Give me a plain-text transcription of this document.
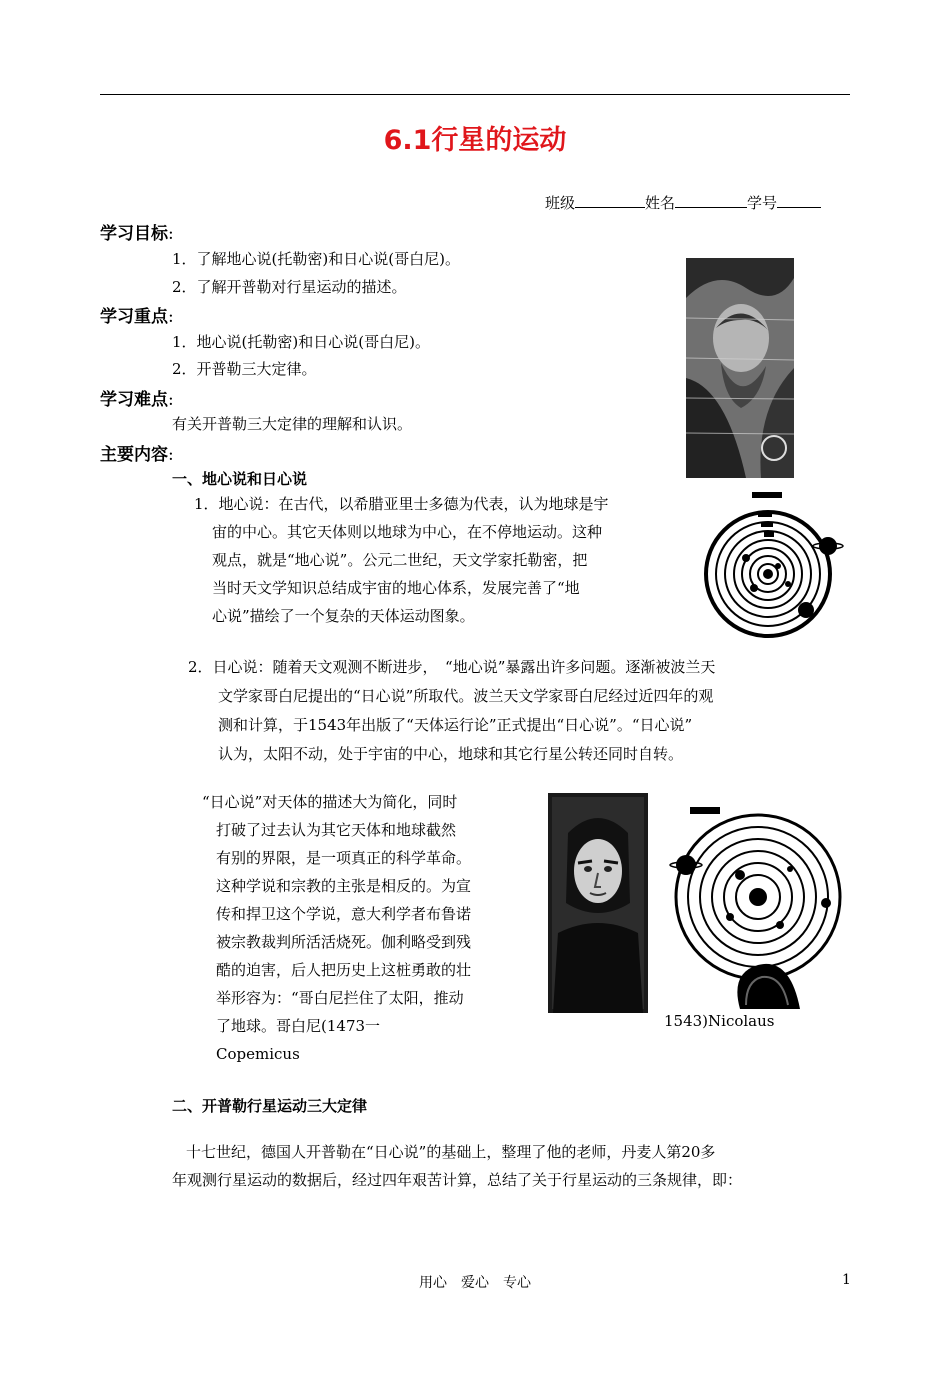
6.1行星的运动
班级	姓名	学号
学习目标:
1．了解地心说(托勒密)和日心说(哥白尼)。
2．了解开普勒对行星运动的描述。
学习重点:
1．地心说(托勒密)和日心说(哥白尼)。
2．开普勒三大定律。
学习难点:
有关开普勒三大定律的理解和认识。
主要内容:
一、地心说和日心说
1．地心说：在古代，以希腊亚里士多德为代表，认为地球是宇
宙的中心。其它天体则以地球为中心，在不停地运动。这种
观点，就是“地心说”。公元二世纪，天文学家托勒密，把
当时天文学知识总结成宇宙的地心体系，发展完善了“地
心说”描绘了一个复杂的天体运动图象。
2．日心说：随着天文观测不断进步，　“地心说”暴露出许多问题。逐渐被波兰天
文学家哥白尼提出的“日心说”所取代。波兰天文学家哥白尼经过近四年的观
测和计算，于1543年出版了“天体运行论”正式提出“日心说”。“日心说”
认为，太阳不动，处于宇宙的中心，地球和其它行星公转还同时自转。
“日心说”对天体的描述大为简化，同时
打破了过去认为其它天体和地球截然
有别的界限，是一项真正的科学革命。
这种学说和宗教的主张是相反的。为宣
传和捍卫这个学说，意大利学者布鲁诺
被宗教裁判所活活烧死。伽利略受到残
酷的迫害，后人把历史上这桩勇敢的壮
举形容为：“哥白尼拦住了太阳，推动
了地球。哥白尼(1473一
Copemicus
1543)Nicolaus
二、开普勒行星运动三大定律
十七世纪，德国人开普勒在“日心说”的基础上，整理了他的老师，丹麦人第20多
年观测行星运动的数据后，经过四年艰苦计算，总结了关于行星运动的三条规律，即：
用心　爱心　专心	1
